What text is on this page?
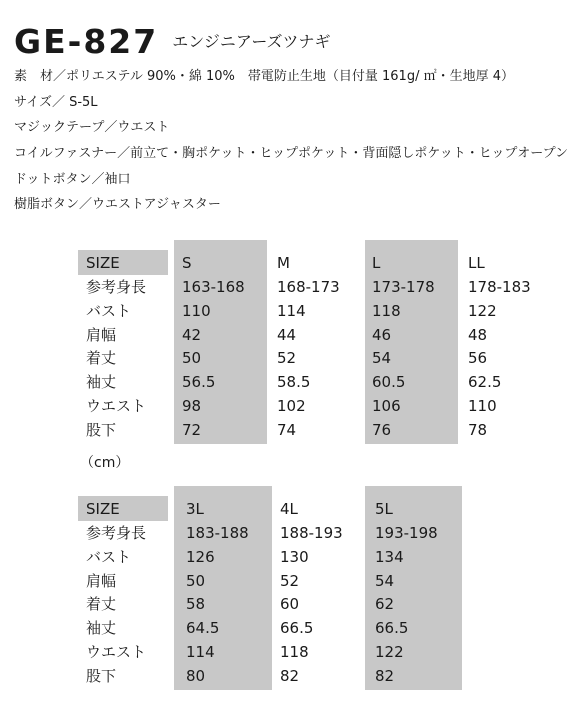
GE-827 エンジニアーズツナギ
素　材／ポリエステル 90%・綿 10%　帯電防止生地（目付量 161g/ ㎡・生地厚 4）
サイズ／ S-5L
マジックテープ／ウエスト
コイルファスナー／前立て・胸ポケット・ヒップポケット・背面隠しポケット・ヒップオープン
ドットボタン／袖口
樹脂ボタン／ウエストアジャスター
SIZE	S	M	L	LL
参考身長 163-168 168-173 173-178 178-183
バスト	110	114	118	122
肩幅	42	44	46	48
着丈	50	52	54	56
袖丈	56.5	58.5	60.5	62.5
ウエスト 98	102	106	110
股下	72	74	76	78
（cm）
SIZE	3L	4L	5L
参考身長	183-188 188-193 193-198
バスト	126	130	134
肩幅	50	52	54
着丈	58	60	62
袖丈	64.5	66.5	66.5
ウエスト	114	118	122
股下	80	82	82
